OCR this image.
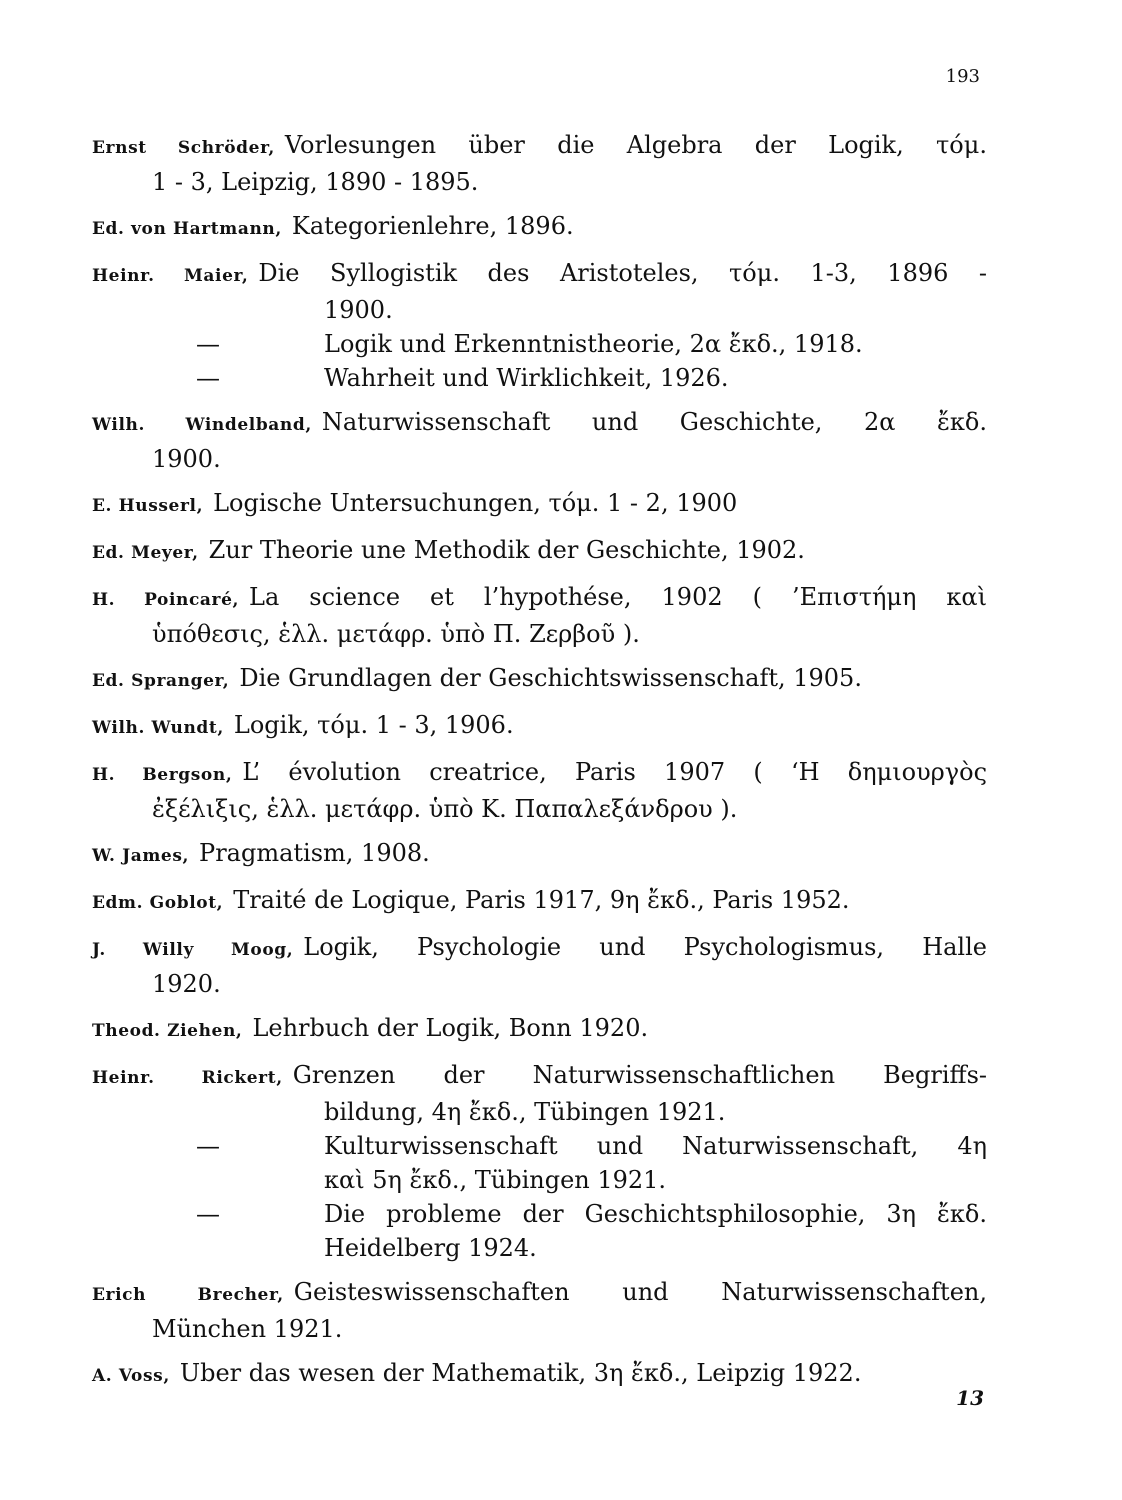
193
Ernst Schröder, Vorlesungen über die Algebra der Logik, τόμ.
1 - 3, Leipzig, 1890 - 1895.
Ed. von Hartmann, Kategorienlehre, 1896.
Heinr. Maier, Die Syllogistik des Aristoteles, τόμ. 1-3, 1896 -
1900.
—	Logik und Erkenntnistheorie, 2α ἔκδ., 1918.
—	Wahrheit und Wirklichkeit, 1926.
Wilh. Windelband, Naturwissenschaft und Geschichte, 2α ἔκδ.
1900.
E. Husserl, Logische Untersuchungen, τόμ. 1 - 2, 1900
Ed. Meyer, Zur Theorie une Methodik der Geschichte, 1902.
H. Poincaré, La science et l’hypothése, 1902 ( ’Επιστήμη καὶ
ὑπόθεσις, ἑλλ. μετάφρ. ὑπὸ Π. Ζερβοῦ ).
Ed. Spranger, Die Grundlagen der Geschichtswissenschaft, 1905.
Wilh. Wundt, Logik, τόμ. 1 - 3, 1906.
H. Bergson, L’ évolution creatrice, Paris 1907 ( ‘Η δημιουργὸς
ἐξέλιξις, ἑλλ. μετάφρ. ὑπὸ Κ. Παπαλεξάνδρου ).
W. James, Pragmatism, 1908.
Edm. Goblot, Traité de Logique, Paris 1917, 9η ἔκδ., Paris 1952.
J. Willy Moog, Logik, Psychologie und Psychologismus, Halle
1920.
Theod. Ziehen, Lehrbuch der Logik, Bonn 1920.
Heinr. Rickert, Grenzen der Naturwissenschaftlichen Begriffs-
bildung, 4η ἔκδ., Tübingen 1921.
—	Kulturwissenschaft und Naturwissenschaft, 4η
καὶ 5η ἔκδ., Tübingen 1921.
—	Die probleme der Geschichtsphilosophie, 3η ἔκδ.
Heidelberg 1924.
Erich Brecher, Geisteswissenschaften und Naturwissenschaften,
München 1921.
A. Voss, Uber das wesen der Mathematik, 3η ἔκδ., Leipzig 1922.
13
